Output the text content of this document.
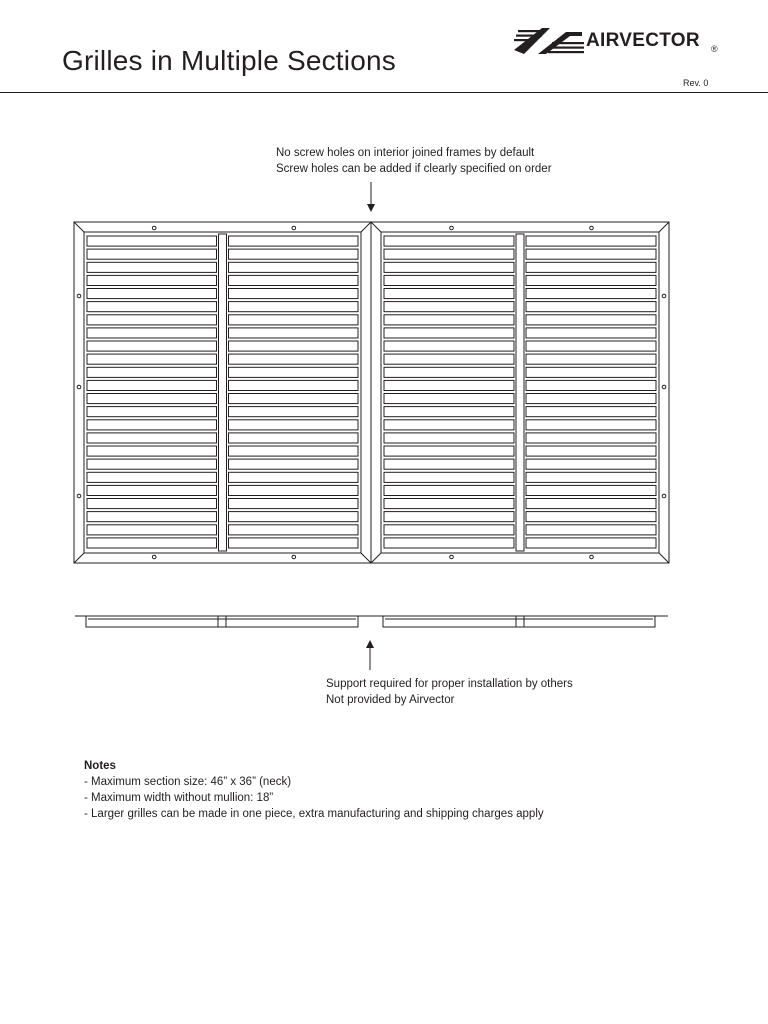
Grilles in Multiple Sections
AIRVECTOR ®
Rev. 0
No screw holes on interior joined frames by default
Screw holes can be added if clearly specified on order
Support required for proper installation by others
Not provided by Airvector
Notes
- Maximum section size: 46” x 36” (neck)
- Maximum width without mullion: 18”
- Larger grilles can be made in one piece, extra manufacturing and shipping charges apply
